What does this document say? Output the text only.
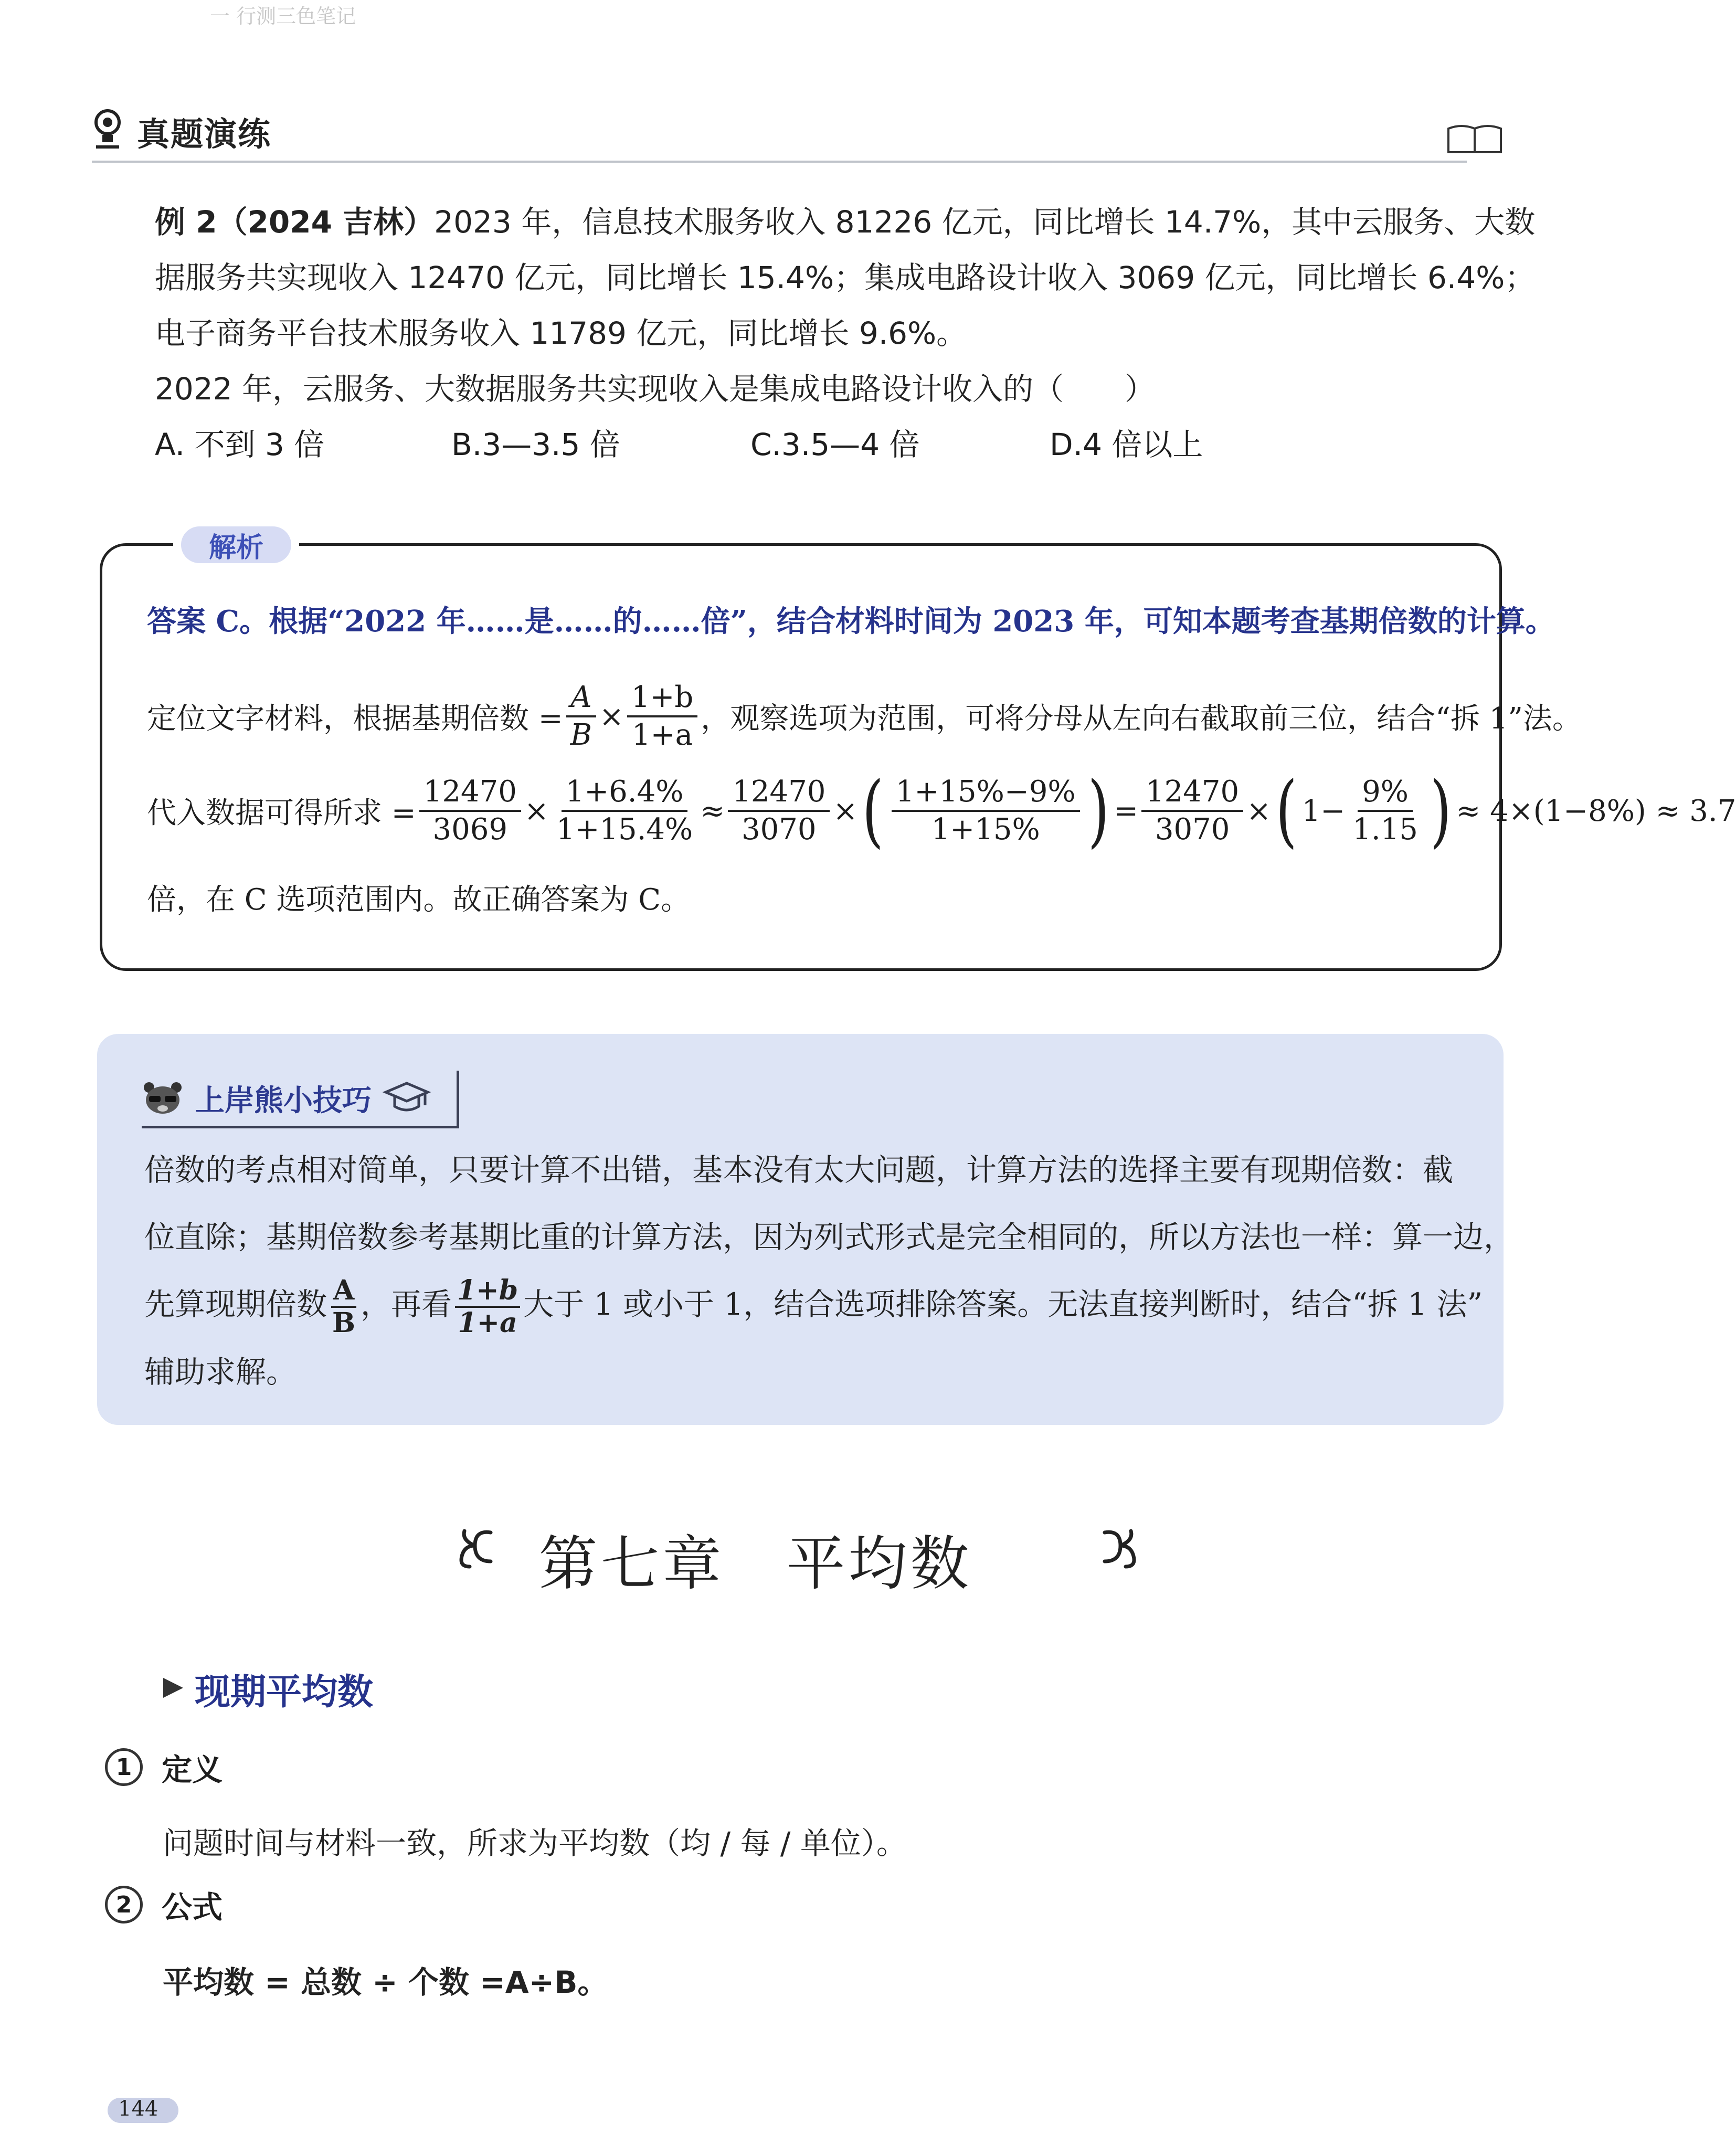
一 行测三色笔记
真题演练

例 2（2024 吉林）2023 年，信息技术服务收入 81226 亿元，同比增长 14.7%，其中云服务、大数

据服务共实现收入 12470 亿元，同比增长 15.4%；集成电路设计收入 3069 亿元，同比增长 6.4%；

电子商务平台技术服务收入 11789 亿元，同比增长 9.6%。

2022 年，云服务、大数据服务共实现收入是集成电路设计收入的（　　）

A. 不到 3 倍	B.3—3.5 倍	C.3.5—4 倍	D.4 倍以上
解析
答案 C。根据“2022 年……是……的……倍”，结合材料时间为 2023 年，可知本题考查基期倍数的计算。
定位文字材料，根据基期倍数 = $\frac{A}{B} \times \frac{1+b}{1+a}$ ，观察选项为范围，可将分母从左向右截取前三位，结合“拆 1”法。
代入数据可得所求 = $\frac{12470}{3069} \times \frac{1+6.4\%}{1+15.4\%} \approx \frac{12470}{3070}$ × ( $\frac{1+15\%-9\%}{1+15\%}$ ) = $\frac{12470}{3070}$ × ( $1- \frac{9\%}{1.15}$ ) ≈ 4×(1−8%) ≈ 3.7
倍，在 C 选项范围内。故正确答案为 C。
上岸熊小技巧

倍数的考点相对简单，只要计算不出错，基本没有太大问题，计算方法的选择主要有现期倍数：截

位直除；基期倍数参考基期比重的计算方法，因为列式形式是完全相同的，所以方法也一样：算一边，

先算现期倍数 $\frac{A}{B}$ ，再看 $\frac{1+b}{1+a}$ 大于 1 或小于 1，结合选项排除答案。无法直接判断时，结合“拆 1 法”

辅助求解。

第七章　平均数
现期平均数
1 定义
问题时间与材料一致，所求为平均数（均 / 每 / 单位）。
2 公式
平均数 = 总数 ÷ 个数 =A÷B。
144
